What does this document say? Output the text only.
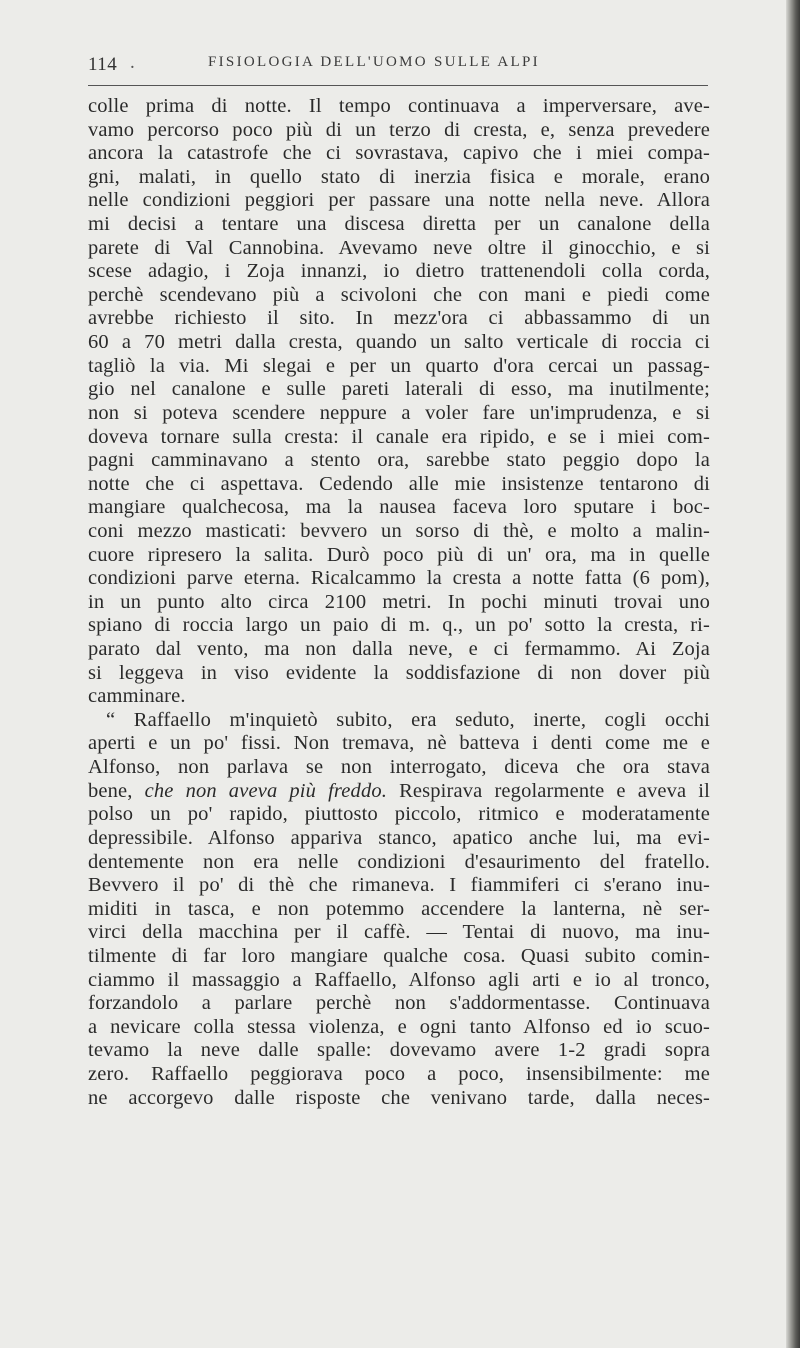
114 .	FISIOLOGIA DELL'UOMO SULLE ALPI
colle prima di notte. Il tempo continuava a imperversare, ave-
vamo percorso poco più di un terzo di cresta, e, senza prevedere
ancora la catastrofe che ci sovrastava, capivo che i miei compa-
gni, malati, in quello stato di inerzia fisica e morale, erano
nelle condizioni peggiori per passare una notte nella neve. Allora
mi decisi a tentare una discesa diretta per un canalone della
parete di Val Cannobina. Avevamo neve oltre il ginocchio, e si
scese adagio, i Zoja innanzi, io dietro trattenendoli colla corda,
perchè scendevano più a scivoloni che con mani e piedi come
avrebbe richiesto il sito. In mezz'ora ci abbassammo di un
60 a 70 metri dalla cresta, quando un salto verticale di roccia ci
tagliò la via. Mi slegai e per un quarto d'ora cercai un passag-
gio nel canalone e sulle pareti laterali di esso, ma inutilmente;
non si poteva scendere neppure a voler fare un'imprudenza, e si
doveva tornare sulla cresta: il canale era ripido, e se i miei com-
pagni camminavano a stento ora, sarebbe stato peggio dopo la
notte che ci aspettava. Cedendo alle mie insistenze tentarono di
mangiare qualchecosa, ma la nausea faceva loro sputare i boc-
coni mezzo masticati: bevvero un sorso di thè, e molto a malin-
cuore ripresero la salita. Durò poco più di un' ora, ma in quelle
condizioni parve eterna. Ricalcammo la cresta a notte fatta (6 pom),
in un punto alto circa 2100 metri. In pochi minuti trovai uno
spiano di roccia largo un paio di m. q., un po' sotto la cresta, ri-
parato dal vento, ma non dalla neve, e ci fermammo. Ai Zoja
si leggeva in viso evidente la soddisfazione di non dover più
camminare.
“ Raffaello m'inquietò subito, era seduto, inerte, cogli occhi
aperti e un po' fissi. Non tremava, nè batteva i denti come me e
Alfonso, non parlava se non interrogato, diceva che ora stava
bene, che non aveva più freddo. Respirava regolarmente e aveva il
polso un po' rapido, piuttosto piccolo, ritmico e moderatamente
depressibile. Alfonso appariva stanco, apatico anche lui, ma evi-
dentemente non era nelle condizioni d'esaurimento del fratello.
Bevvero il po' di thè che rimaneva. I fiammiferi ci s'erano inu-
miditi in tasca, e non potemmo accendere la lanterna, nè ser-
virci della macchina per il caffè. — Tentai di nuovo, ma inu-
tilmente di far loro mangiare qualche cosa. Quasi subito comin-
ciammo il massaggio a Raffaello, Alfonso agli arti e io al tronco,
forzandolo a parlare perchè non s'addormentasse. Continuava
a nevicare colla stessa violenza, e ogni tanto Alfonso ed io scuo-
tevamo la neve dalle spalle: dovevamo avere 1-2 gradi sopra
zero. Raffaello peggiorava poco a poco, insensibilmente: me
ne accorgevo dalle risposte che venivano tarde, dalla neces-
